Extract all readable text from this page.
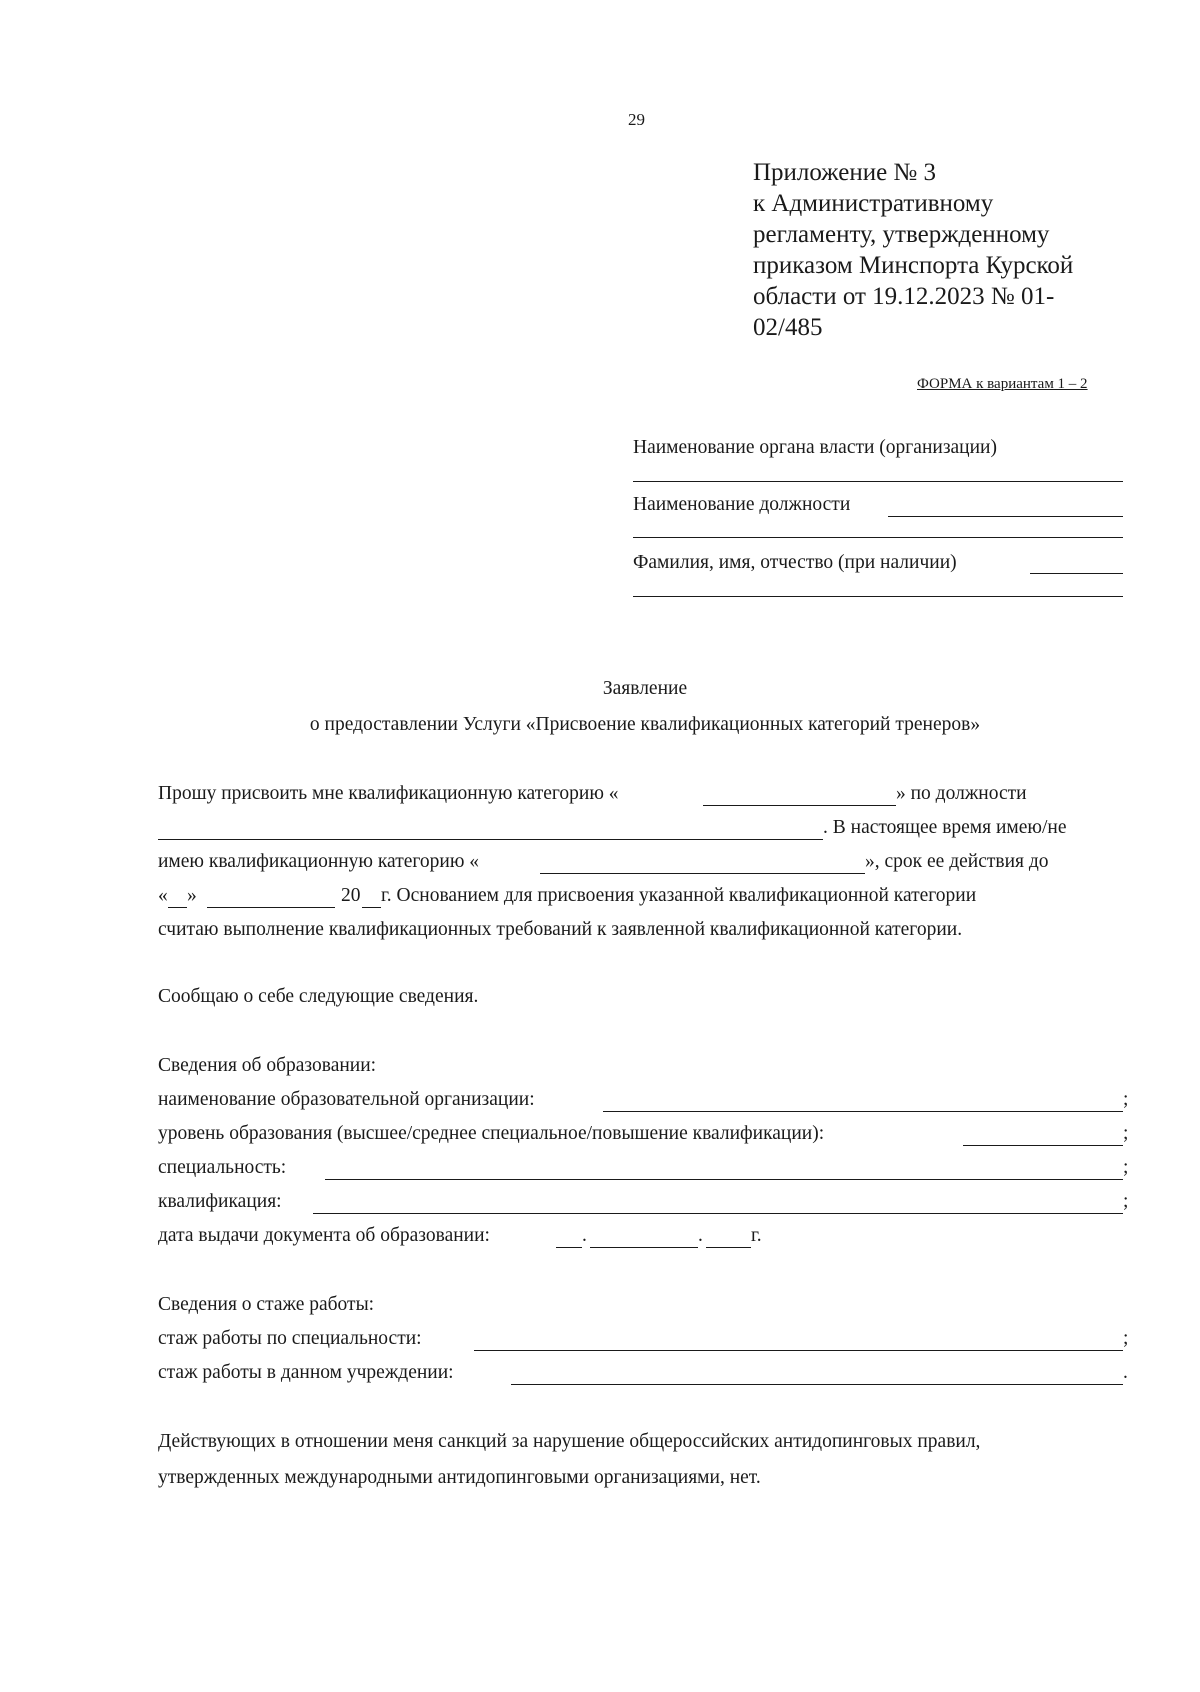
29
Приложение № 3
к Административному
регламенту, утвержденному
приказом Минспорта Курской
области от 19.12.2023 № 01-
02/485
ФОРМА к вариантам 1 – 2
Наименование органа власти (организации)
Наименование должности
Фамилия, имя, отчество (при наличии)
Заявление
о предоставлении Услуги «Присвоение квалификационных категорий тренеров»
Прошу присвоить мне квалификационную категорию «	» по должности
. В настоящее время имею/не
имею квалификационную категорию «	», срок ее действия до
« »	20 г. Основанием для присвоения указанной квалификационной категории
считаю выполнение квалификационных требований к заявленной квалификационной категории.
Сообщаю о себе следующие сведения.
Сведения об образовании:
наименование образовательной организации:	;
уровень образования (высшее/среднее специальное/повышение квалификации):	;
специальность:	;
квалификация:	;
дата выдачи документа об образовании:	.	. г.
Сведения о стаже работы:
стаж работы по специальности:	;
стаж работы в данном учреждении:	.
Действующих в отношении меня санкций за нарушение общероссийских антидопинговых правил,
утвержденных международными антидопинговыми организациями, нет.
